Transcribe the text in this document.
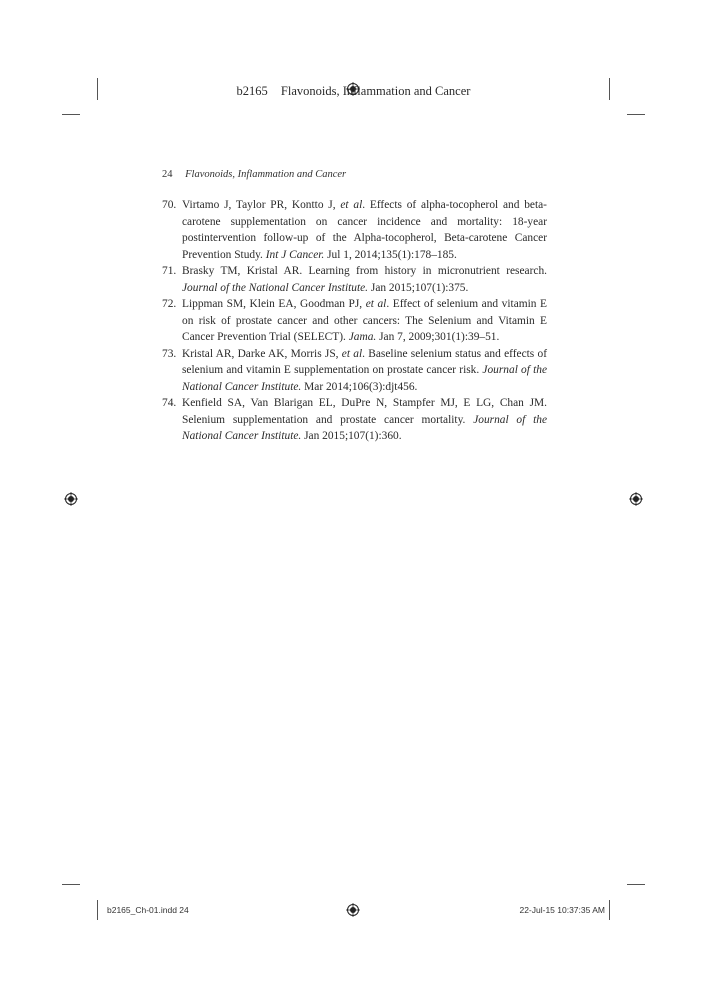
b2165 Flavonoids, Inflammation and Cancer
24 Flavonoids, Inflammation and Cancer
70. Virtamo J, Taylor PR, Kontto J, et al. Effects of alpha-tocopherol and beta-carotene supplementation on cancer incidence and mortality: 18-year postintervention follow-up of the Alpha-tocopherol, Beta-carotene Cancer Prevention Study. Int J Cancer. Jul 1, 2014;135(1):178–185.
71. Brasky TM, Kristal AR. Learning from history in micronutrient research. Journal of the National Cancer Institute. Jan 2015;107(1):375.
72. Lippman SM, Klein EA, Goodman PJ, et al. Effect of selenium and vitamin E on risk of prostate cancer and other cancers: The Selenium and Vitamin E Cancer Prevention Trial (SELECT). Jama. Jan 7, 2009;301(1):39–51.
73. Kristal AR, Darke AK, Morris JS, et al. Baseline selenium status and effects of selenium and vitamin E supplementation on prostate cancer risk. Journal of the National Cancer Institute. Mar 2014;106(3):djt456.
74. Kenfield SA, Van Blarigan EL, DuPre N, Stampfer MJ, E LG, Chan JM. Selenium supplementation and prostate cancer mortality. Journal of the National Cancer Institute. Jan 2015;107(1):360.
b2165_Ch-01.indd 24	22-Jul-15 10:37:35 AM
